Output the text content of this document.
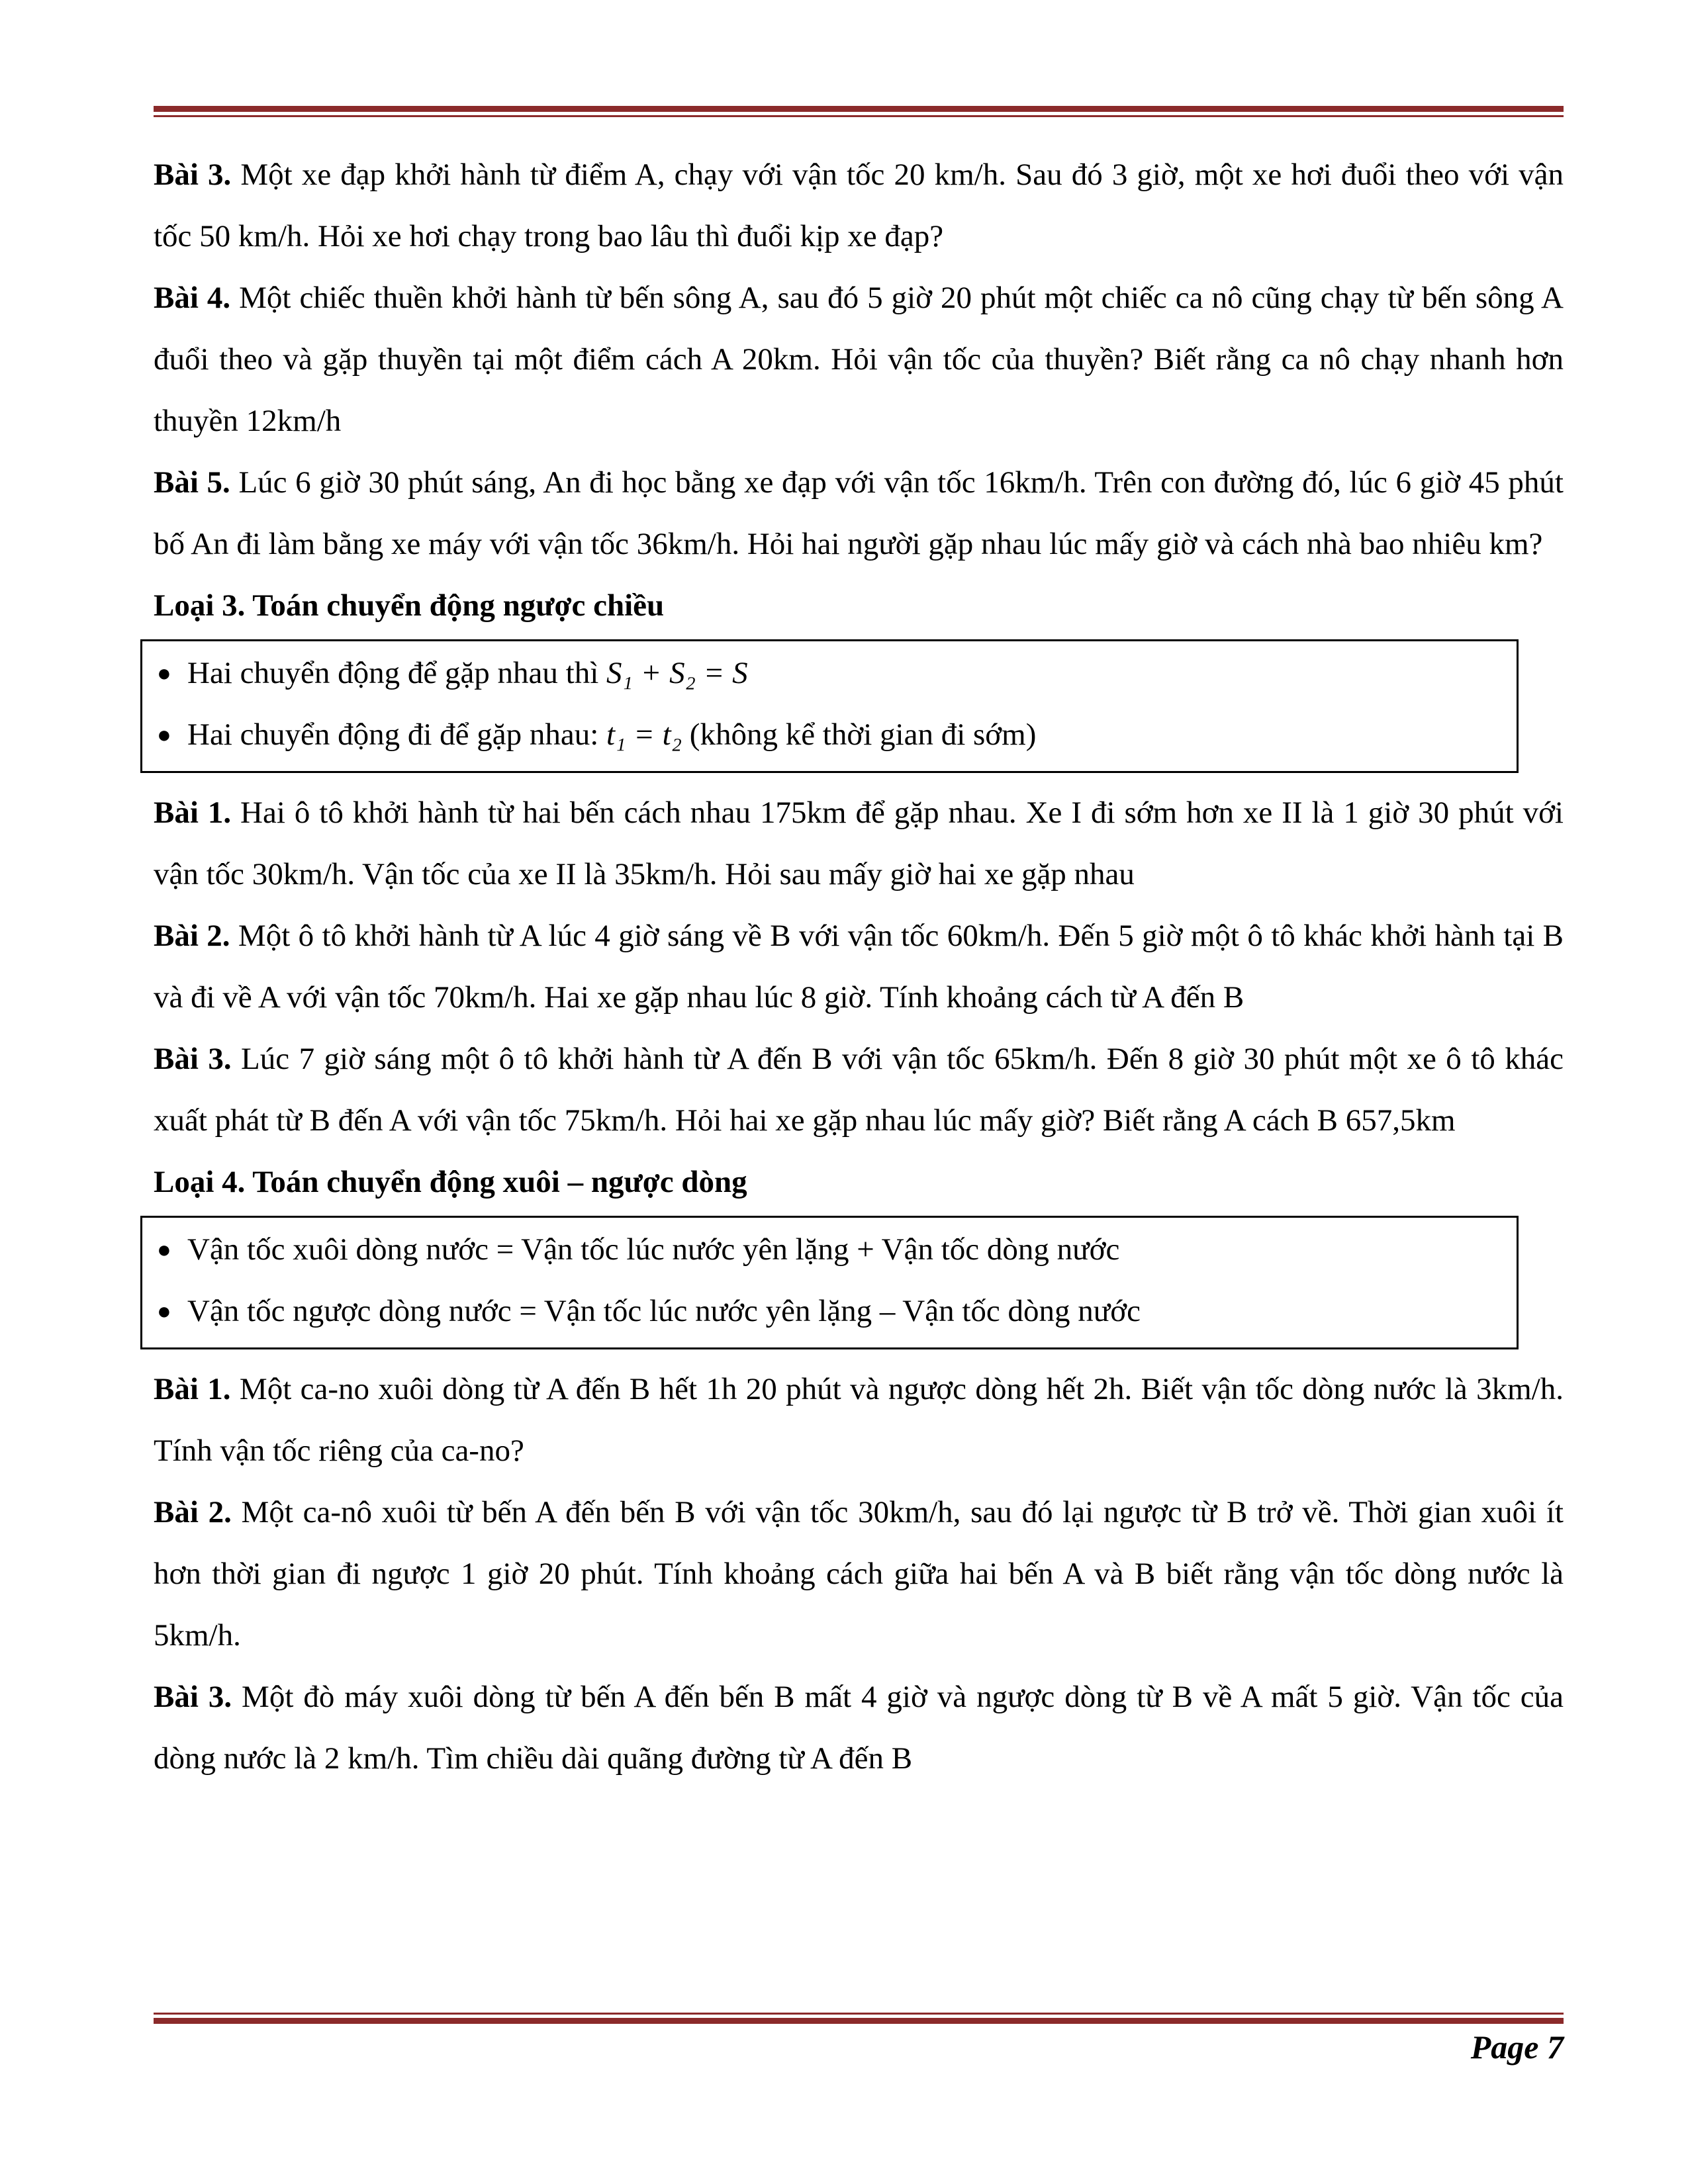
Bài 3. Một xe đạp khởi hành từ điểm A, chạy với vận tốc 20 km/h. Sau đó 3 giờ, một xe hơi đuổi theo với vận tốc 50 km/h. Hỏi xe hơi chạy trong bao lâu thì đuổi kịp xe đạp?

Bài 4. Một chiếc thuền khởi hành từ bến sông A, sau đó 5 giờ 20 phút một chiếc ca nô cũng chạy từ bến sông A đuổi theo và gặp thuyền tại một điểm cách A 20km. Hỏi vận tốc của thuyền? Biết rằng ca nô chạy nhanh hơn thuyền 12km/h

Bài 5. Lúc 6 giờ 30 phút sáng, An đi học bằng xe đạp với vận tốc 16km/h. Trên con đường đó, lúc 6 giờ 45 phút bố An đi làm bằng xe máy với vận tốc 36km/h. Hỏi hai người gặp nhau lúc mấy giờ và cách nhà bao nhiêu km?

Loại 3. Toán chuyển động ngược chiều

● Hai chuyển động để gặp nhau thì S₁ + S₂ = S
● Hai chuyển động đi để gặp nhau: t₁ = t₂ (không kể thời gian đi sớm)

Bài 1. Hai ô tô khởi hành từ hai bến cách nhau 175km để gặp nhau. Xe I đi sớm hơn xe II là 1 giờ 30 phút với vận tốc 30km/h. Vận tốc của xe II là 35km/h. Hỏi sau mấy giờ hai xe gặp nhau

Bài 2. Một ô tô khởi hành từ A lúc 4 giờ sáng về B với vận tốc 60km/h. Đến 5 giờ một ô tô khác khởi hành tại B và đi về A với vận tốc 70km/h. Hai xe gặp nhau lúc 8 giờ. Tính khoảng cách từ A đến B

Bài 3. Lúc 7 giờ sáng một ô tô khởi hành từ A đến B với vận tốc 65km/h. Đến 8 giờ 30 phút một xe ô tô khác xuất phát từ B đến A với vận tốc 75km/h. Hỏi hai xe gặp nhau lúc mấy giờ? Biết rằng A cách B 657,5km

Loại 4. Toán chuyển động xuôi – ngược dòng

● Vận tốc xuôi dòng nước = Vận tốc lúc nước yên lặng + Vận tốc dòng nước
● Vận tốc ngược dòng nước = Vận tốc lúc nước yên lặng – Vận tốc dòng nước

Bài 1. Một ca-no xuôi dòng từ A đến B hết 1h 20 phút và ngược dòng hết 2h. Biết vận tốc dòng nước là 3km/h. Tính vận tốc riêng của ca-no?

Bài 2. Một ca-nô xuôi từ bến A đến bến B với vận tốc 30km/h, sau đó lại ngược từ B trở về. Thời gian xuôi ít hơn thời gian đi ngược 1 giờ 20 phút. Tính khoảng cách giữa hai bến A và B biết rằng vận tốc dòng nước là 5km/h.

Bài 3. Một đò máy xuôi dòng từ bến A đến bến B mất 4 giờ và ngược dòng từ B về A mất 5 giờ. Vận tốc của dòng nước là 2 km/h. Tìm chiều dài quãng đường từ A đến B

Page 7
